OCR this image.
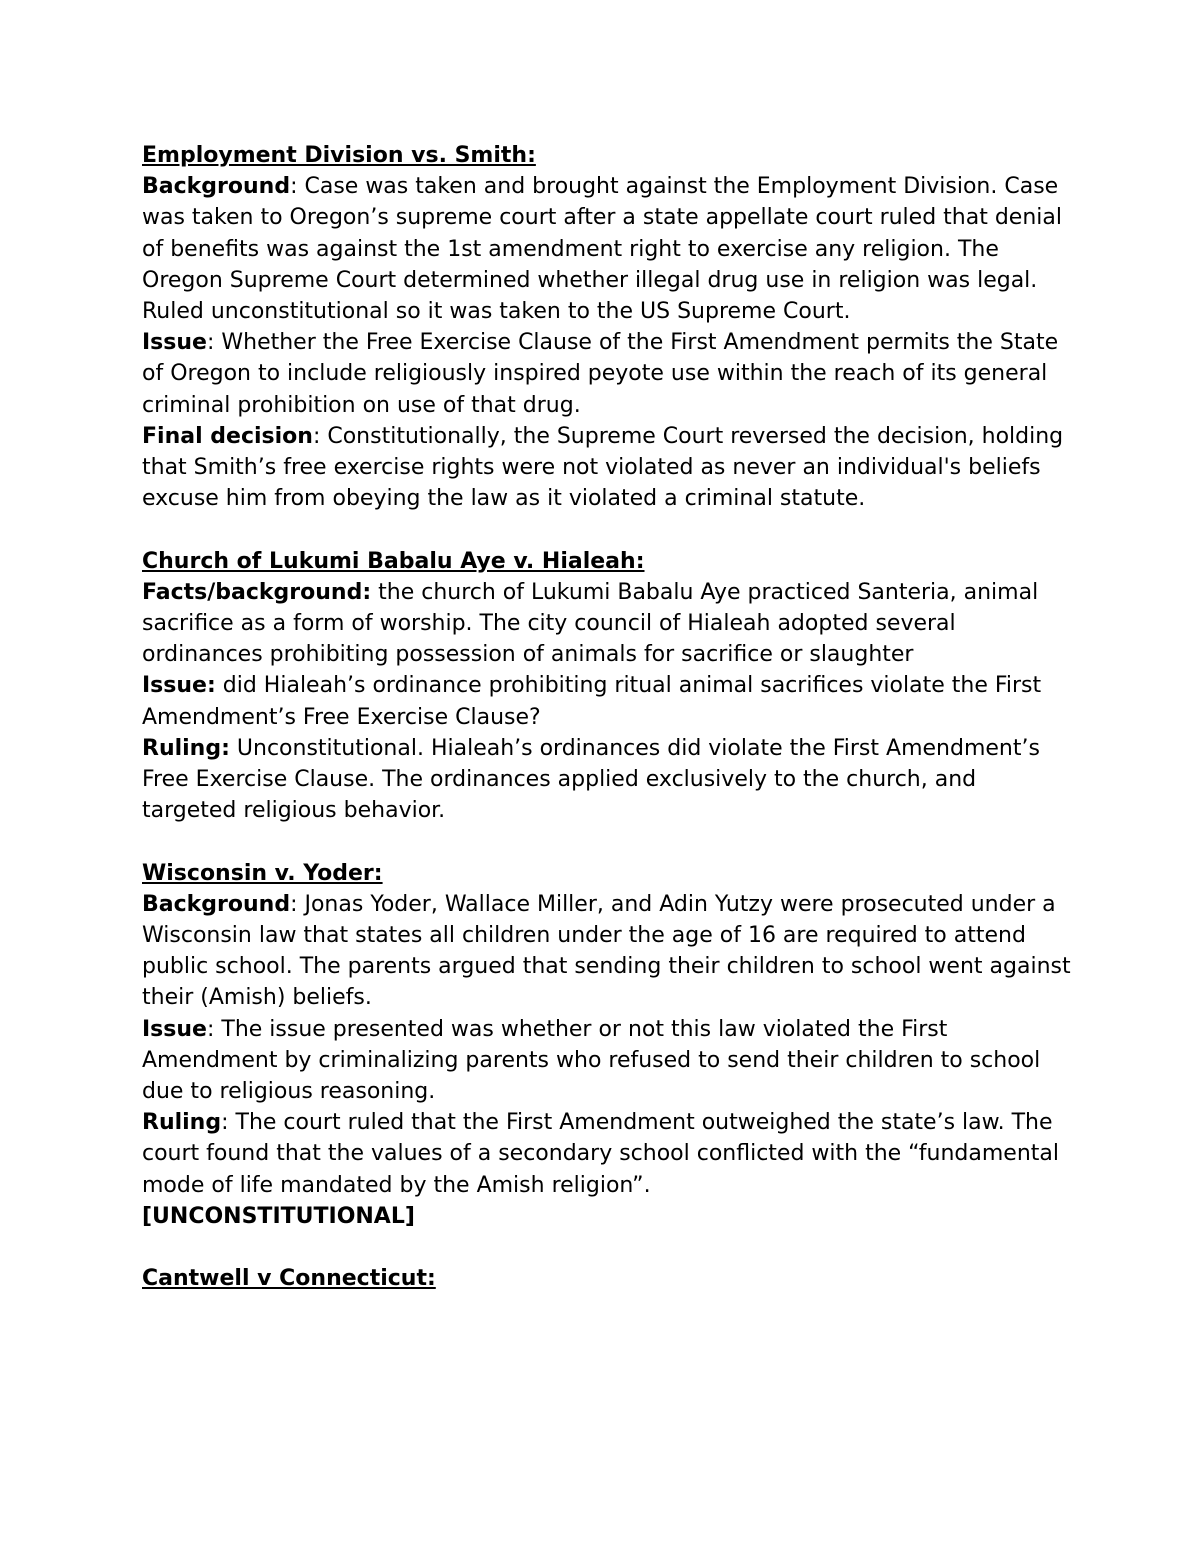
Employment Division vs. Smith:
Background: Case was taken and brought against the Employment Division. Case was taken to Oregon’s supreme court after a state appellate court ruled that denial of benefits was against the 1st amendment right to exercise any religion. The Oregon Supreme Court determined whether illegal drug use in religion was legal. Ruled unconstitutional so it was taken to the US Supreme Court.
Issue: Whether the Free Exercise Clause of the First Amendment permits the State of Oregon to include religiously inspired peyote use within the reach of its general criminal prohibition on use of that drug.
Final decision: Constitutionally, the Supreme Court reversed the decision, holding that Smith’s free exercise rights were not violated as never an individual's beliefs excuse him from obeying the law as it violated a criminal statute.
Church of Lukumi Babalu Aye v. Hialeah:
Facts/background: the church of Lukumi Babalu Aye practiced Santeria, animal sacrifice as a form of worship. The city council of Hialeah adopted several ordinances prohibiting possession of animals for sacrifice or slaughter
Issue: did Hialeah’s ordinance prohibiting ritual animal sacrifices violate the First Amendment’s Free Exercise Clause?
Ruling: Unconstitutional. Hialeah’s ordinances did violate the First Amendment’s Free Exercise Clause. The ordinances applied exclusively to the church, and targeted religious behavior.
Wisconsin v. Yoder:
Background: Jonas Yoder, Wallace Miller, and Adin Yutzy were prosecuted under a Wisconsin law that states all children under the age of 16 are required to attend public school. The parents argued that sending their children to school went against their (Amish) beliefs.
Issue: The issue presented was whether or not this law violated the First Amendment by criminalizing parents who refused to send their children to school due to religious reasoning.
Ruling: The court ruled that the First Amendment outweighed the state’s law. The court found that the values of a secondary school conflicted with the “fundamental mode of life mandated by the Amish religion”.
[UNCONSTITUTIONAL]
Cantwell v Connecticut:
